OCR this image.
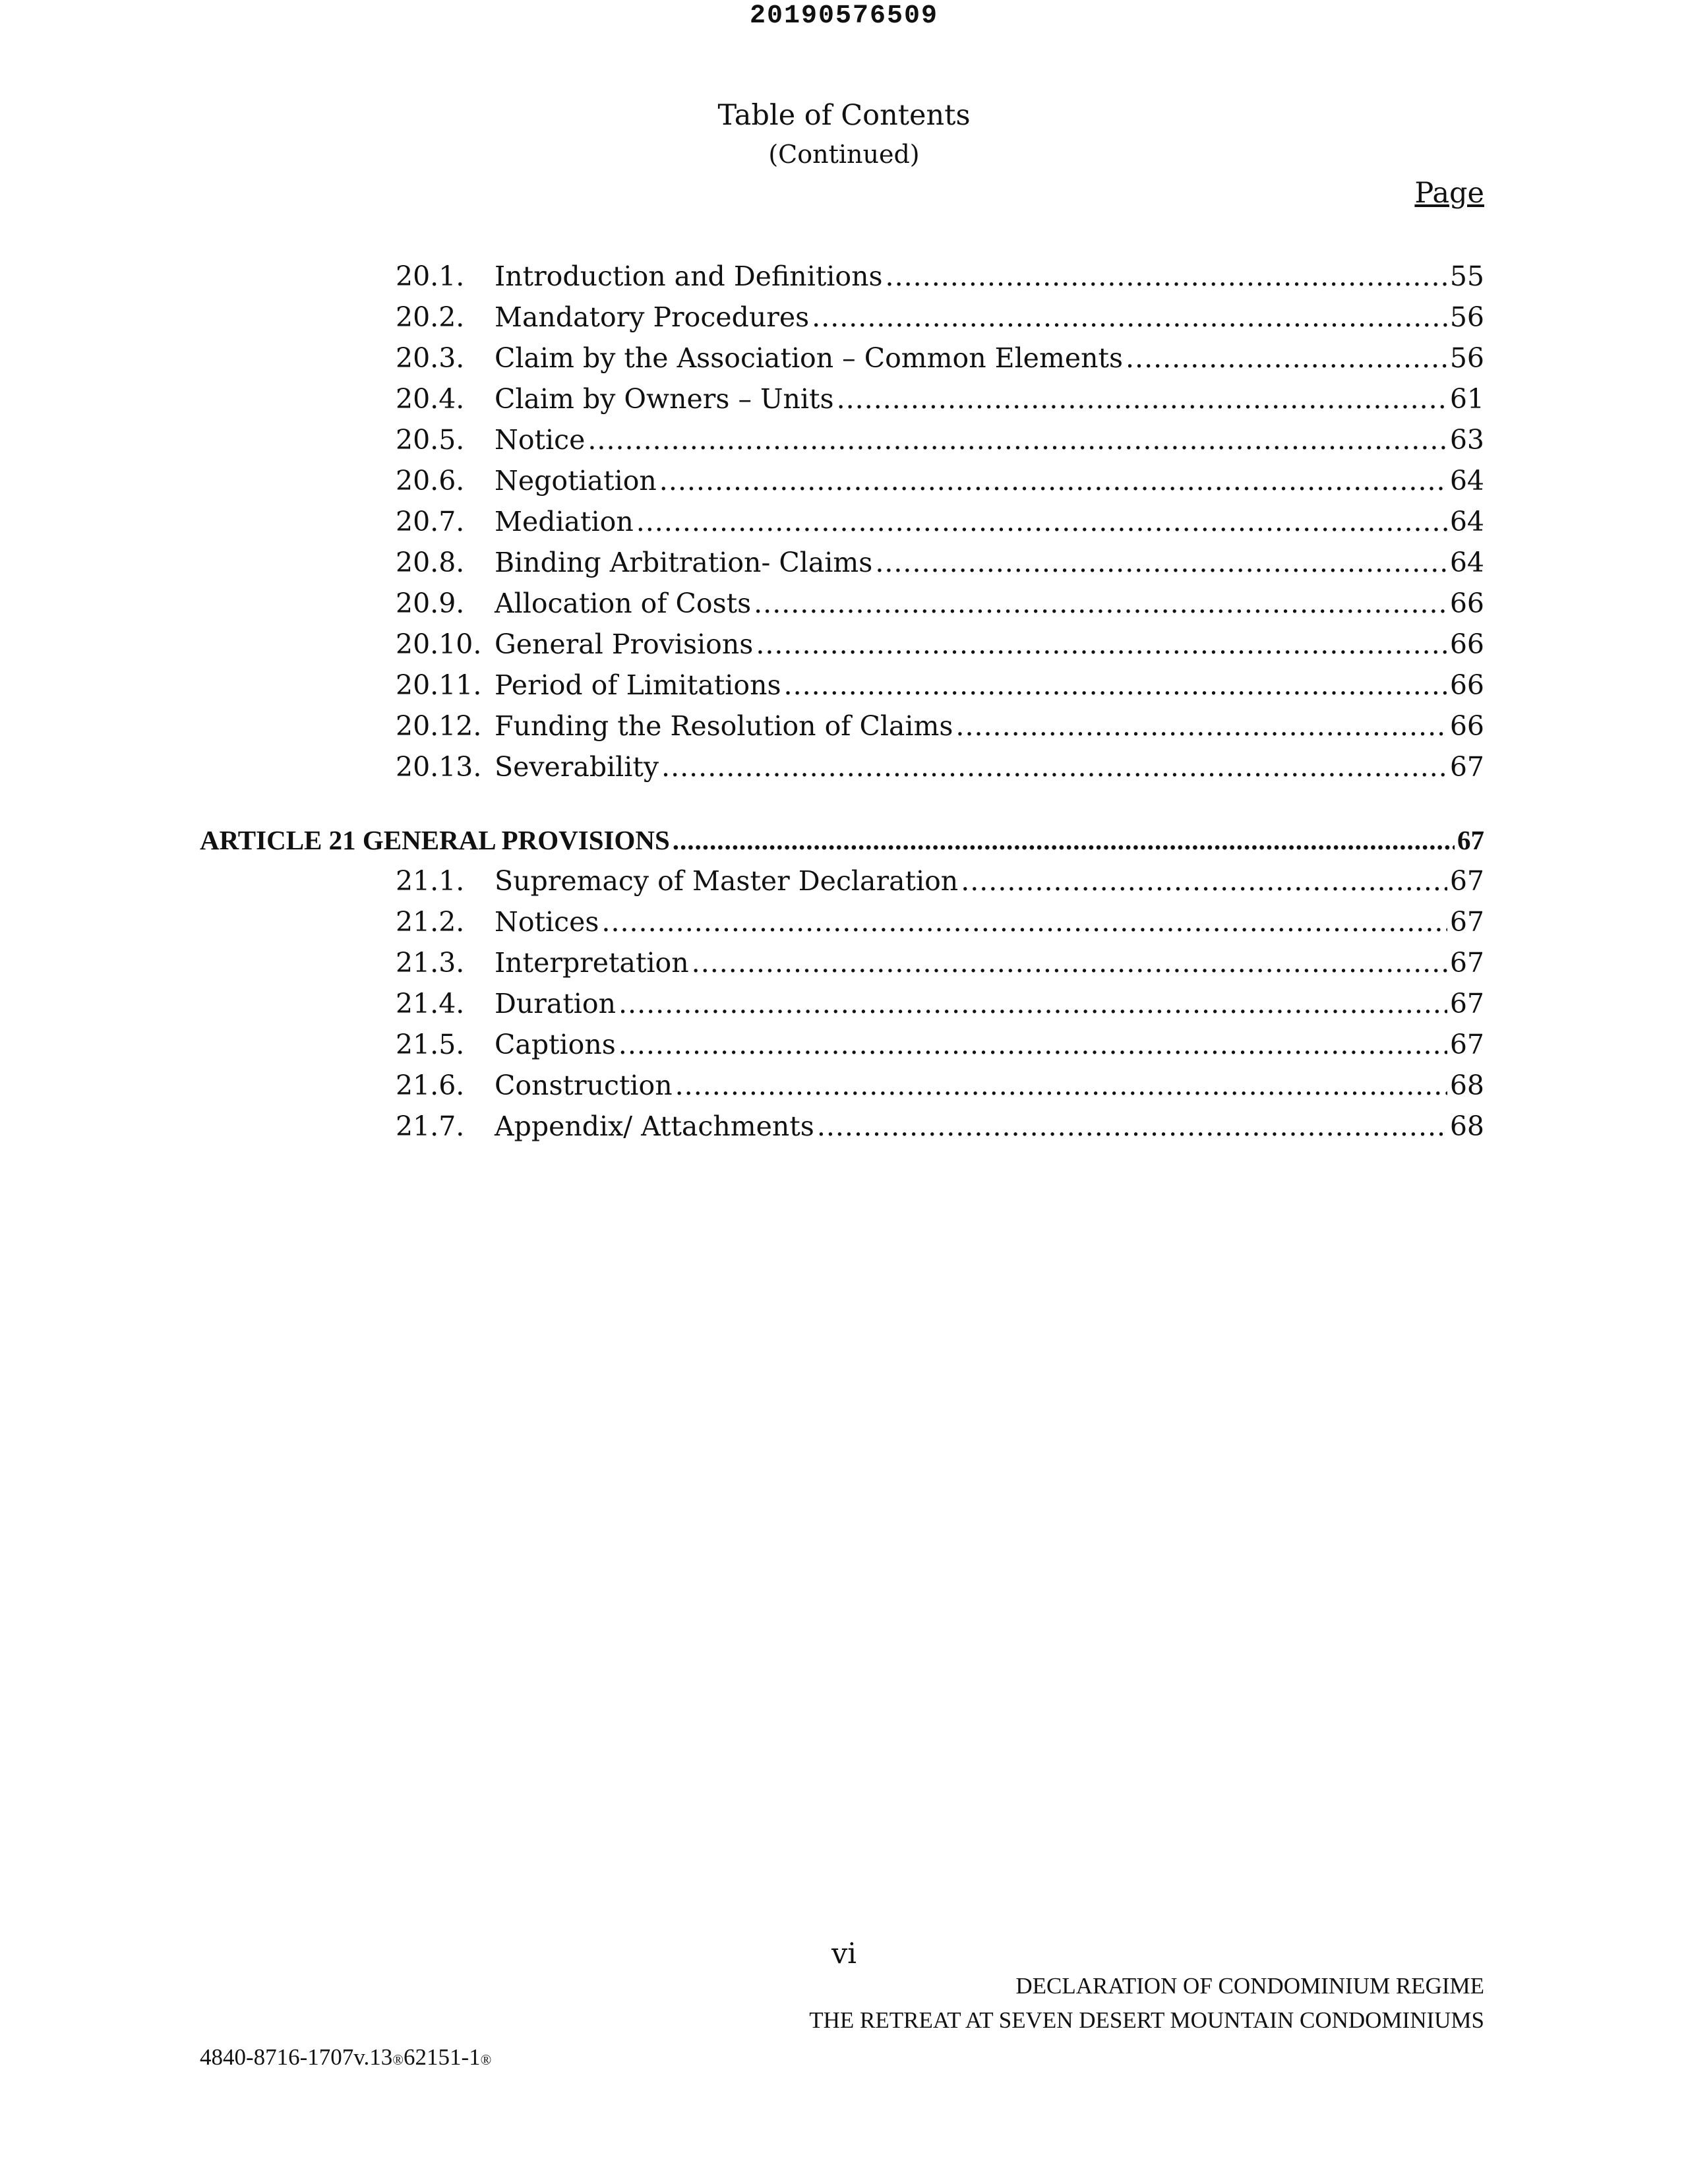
20190576509
Table of Contents
(Continued)
Page
20.1.	Introduction and Definitions .....	55
20.2.	Mandatory Procedures .....	56
20.3.	Claim by the Association – Common Elements .....	56
20.4.	Claim by Owners – Units .....	61
20.5.	Notice .....	63
20.6.	Negotiation .....	64
20.7.	Mediation .....	64
20.8.	Binding Arbitration- Claims .....	64
20.9.	Allocation of Costs .....	66
20.10. General Provisions .....	66
20.11. Period of Limitations .....	66
20.12. Funding the Resolution of Claims .....	66
20.13. Severability .....	67
ARTICLE 21 GENERAL PROVISIONS .....	67
21.1.	Supremacy of Master Declaration .....	67
21.2.	Notices .....	67
21.3.	Interpretation .....	67
21.4.	Duration .....	67
21.5.	Captions .....	67
21.6.	Construction .....	68
21.7.	Appendix/ Attachments .....	68
vi
DECLARATION OF CONDOMINIUM REGIME
THE RETREAT AT SEVEN DESERT MOUNTAIN CONDOMINIUMS
4840-8716-1707v.13®62151-1®
